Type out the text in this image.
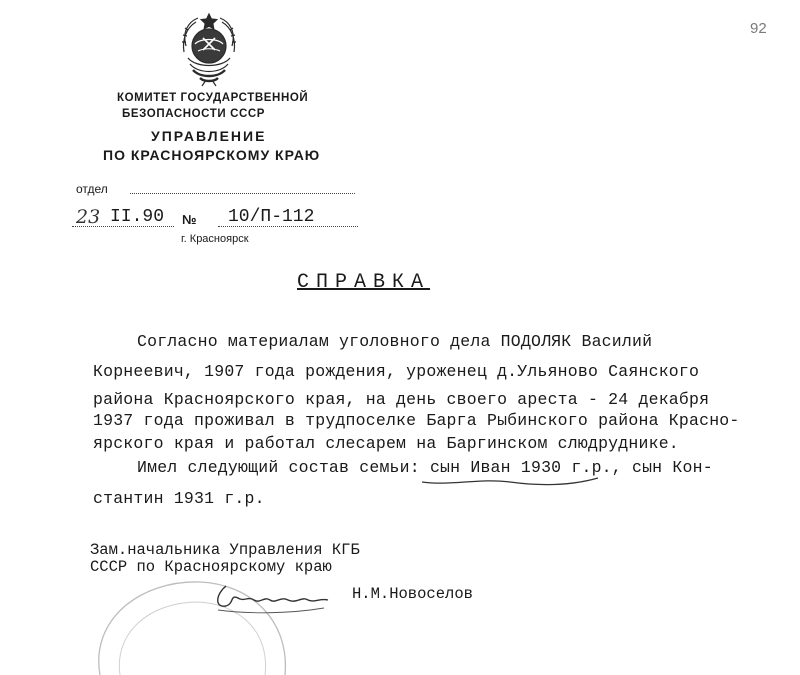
92
КОМИТЕТ ГОСУДАРСТВЕННОЙ
БЕЗОПАСНОСТИ СССР
УПРАВЛЕНИЕ
ПО КРАСНОЯРСКОМУ КРАЮ
отдел
23 II.90 № 10/П-112
г. Красноярск
СПРАВКА
Согласно материалам уголовного дела ПОДОЛЯК Василий
Корнеевич, 1907 года рождения, уроженец д.Ульяново Саянского
района Красноярского края, на день своего ареста - 24 декабря
1937 года проживал в трудпоселке Барга Рыбинского района Красно-
ярского края и работал слесарем на Баргинском слюдруднике.
Имел следующий состав семьи: сын Иван 1930 г.р., сын Кон-
стантин 1931 г.р.
Зам.начальника Управления КГБ
СССР по Красноярскому краю
Н.М.Новоселов
